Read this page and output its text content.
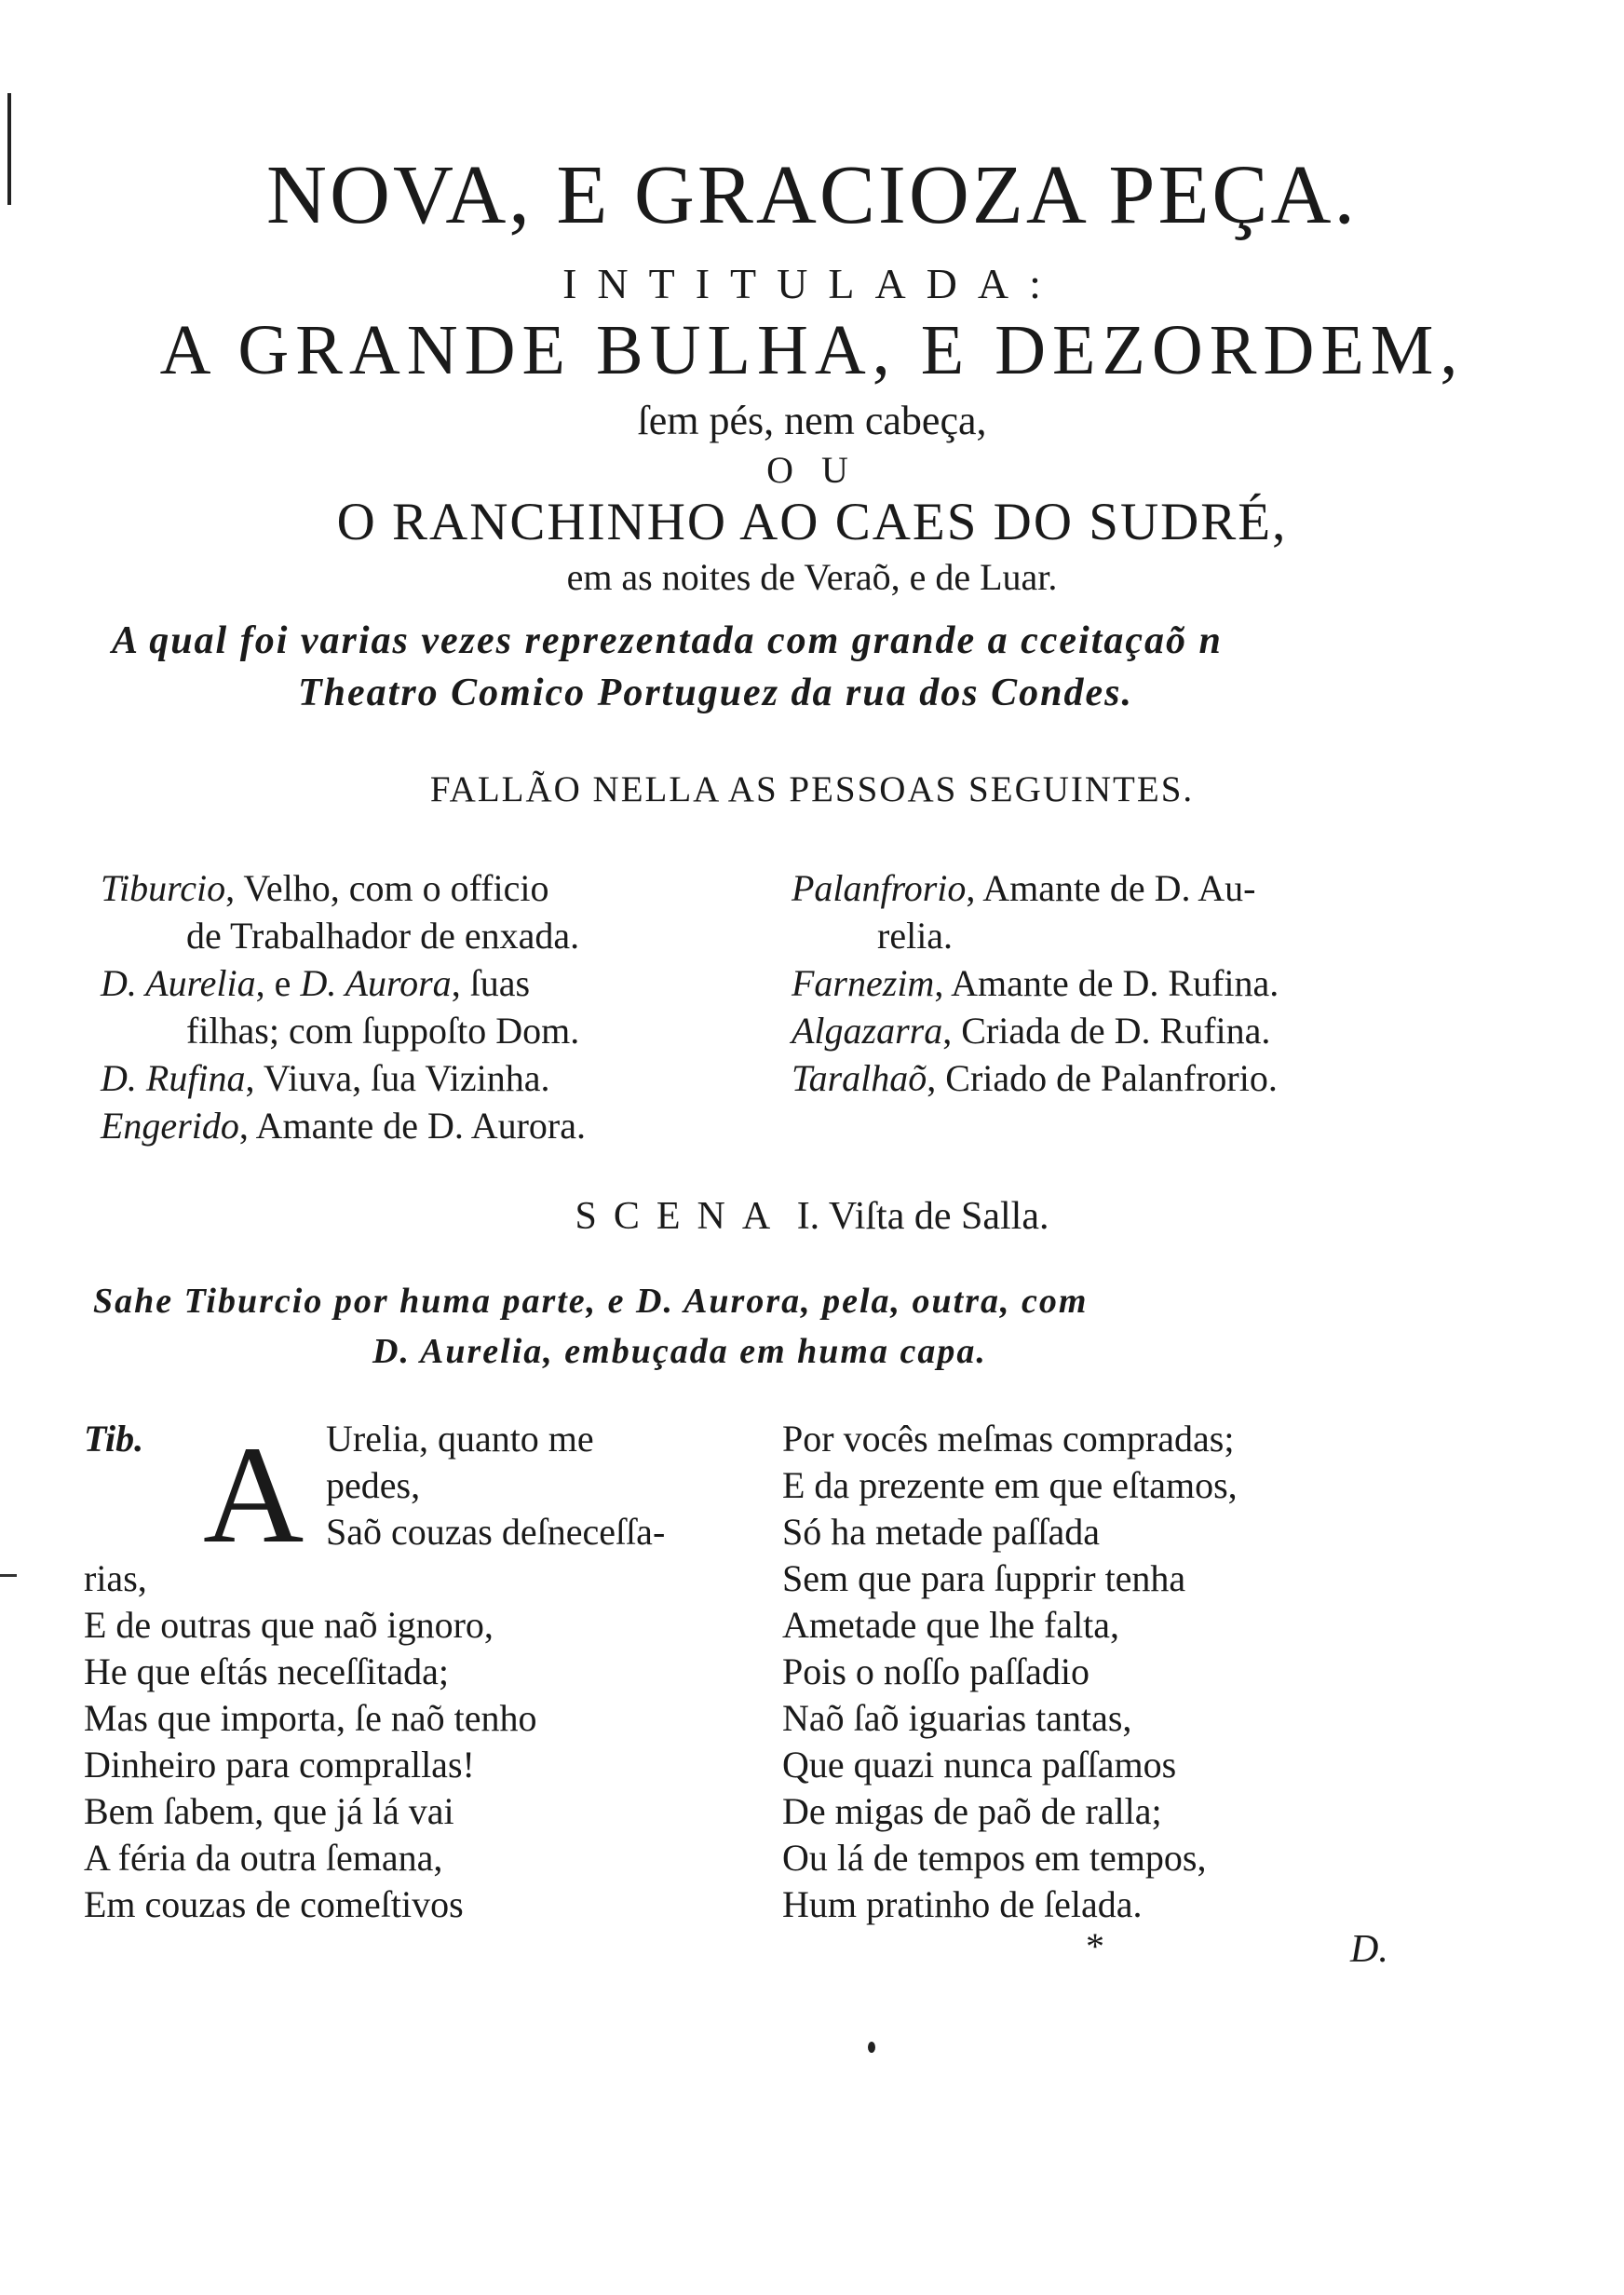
NOVA, E GRACIOZA PEÇA.
INTITULADA:
A GRANDE BULHA, E DEZORDEM,
ſem pés, nem cabeça,
O U
O RANCHINHO AO CAES DO SUDRÉ,
em as noites de Veraõ, e de Luar.
A qual foi varias vezes reprezentada com grande a cceitaçaõ n
Theatro Comico Portuguez da rua dos Condes.
FALLÃO NELLA AS PESSOAS SEGUINTES.
Tiburcio, Velho, com o officio
de Trabalhador de enxada.
D. Aurelia, e D. Aurora, ſuas
filhas; com ſuppoſto Dom.
D. Rufina, Viuva, ſua Vizinha.
Engerido, Amante de D. Aurora.
Palanfrorio, Amante de D. Au-
relia.
Farnezim, Amante de D. Rufina.
Algazarra, Criada de D. Rufina.
Taralhaõ, Criado de Palanfrorio.
SCENA I. Viſta de Salla.
Sahe Tiburcio por huma parte, e D. Aurora, pela, outra, com
D. Aurelia, embuçada em huma capa.
Tib. A Urelia, quanto me
pedes,
Saõ couzas deſneceſſa-
rias,
E de outras que naõ ignoro,
He que eſtás neceſſitada;
Mas que importa, ſe naõ tenho
Dinheiro para comprallas!
Bem ſabem, que já lá vai
A féria da outra ſemana,
Em couzas de comeſtivos
Por vocês meſmas compradas;
E da prezente em que eſtamos,
Só ha metade paſſada
Sem que para ſupprir tenha
Ametade que lhe falta,
Pois o noſſo paſſadio
Naõ ſaõ iguarias tantas,
Que quazi nunca paſſamos
De migas de paõ de ralla;
Ou lá de tempos em tempos,
Hum pratinho de ſelada.
*	D.
